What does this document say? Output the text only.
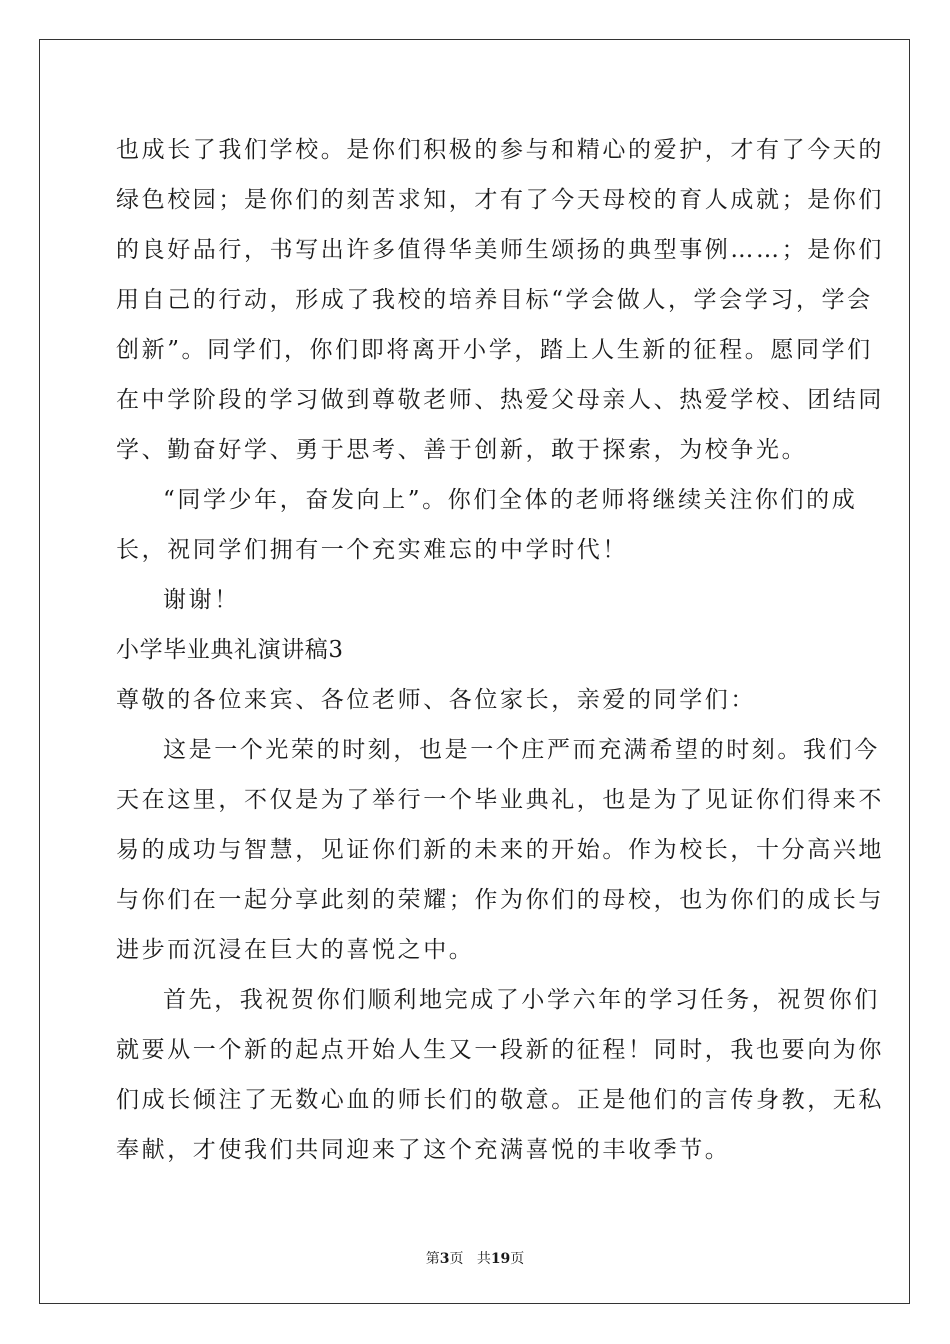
也成长了我们学校。是你们积极的参与和精心的爱护，才有了今天的
绿色校园；是你们的刻苦求知，才有了今天母校的育人成就；是你们
的良好品行，书写出许多值得华美师生颂扬的典型事例……；是你们
用自己的行动，形成了我校的培养目标“学会做人，学会学习，学会
创新”。同学们，你们即将离开小学，踏上人生新的征程。愿同学们
在中学阶段的学习做到尊敬老师、热爱父母亲人、热爱学校、团结同
学、勤奋好学、勇于思考、善于创新，敢于探索，为校争光。
“同学少年，奋发向上”。你们全体的老师将继续关注你们的成
长，祝同学们拥有一个充实难忘的中学时代！
谢谢！
小学毕业典礼演讲稿3
尊敬的各位来宾、各位老师、各位家长，亲爱的同学们：
这是一个光荣的时刻，也是一个庄严而充满希望的时刻。我们今
天在这里，不仅是为了举行一个毕业典礼，也是为了见证你们得来不
易的成功与智慧，见证你们新的未来的开始。作为校长，十分高兴地
与你们在一起分享此刻的荣耀；作为你们的母校，也为你们的成长与
进步而沉浸在巨大的喜悦之中。
首先，我祝贺你们顺利地完成了小学六年的学习任务，祝贺你们
就要从一个新的起点开始人生又一段新的征程！同时，我也要向为你
们成长倾注了无数心血的师长们的敬意。正是他们的言传身教，无私
奉献，才使我们共同迎来了这个充满喜悦的丰收季节。
第3页 共19页
